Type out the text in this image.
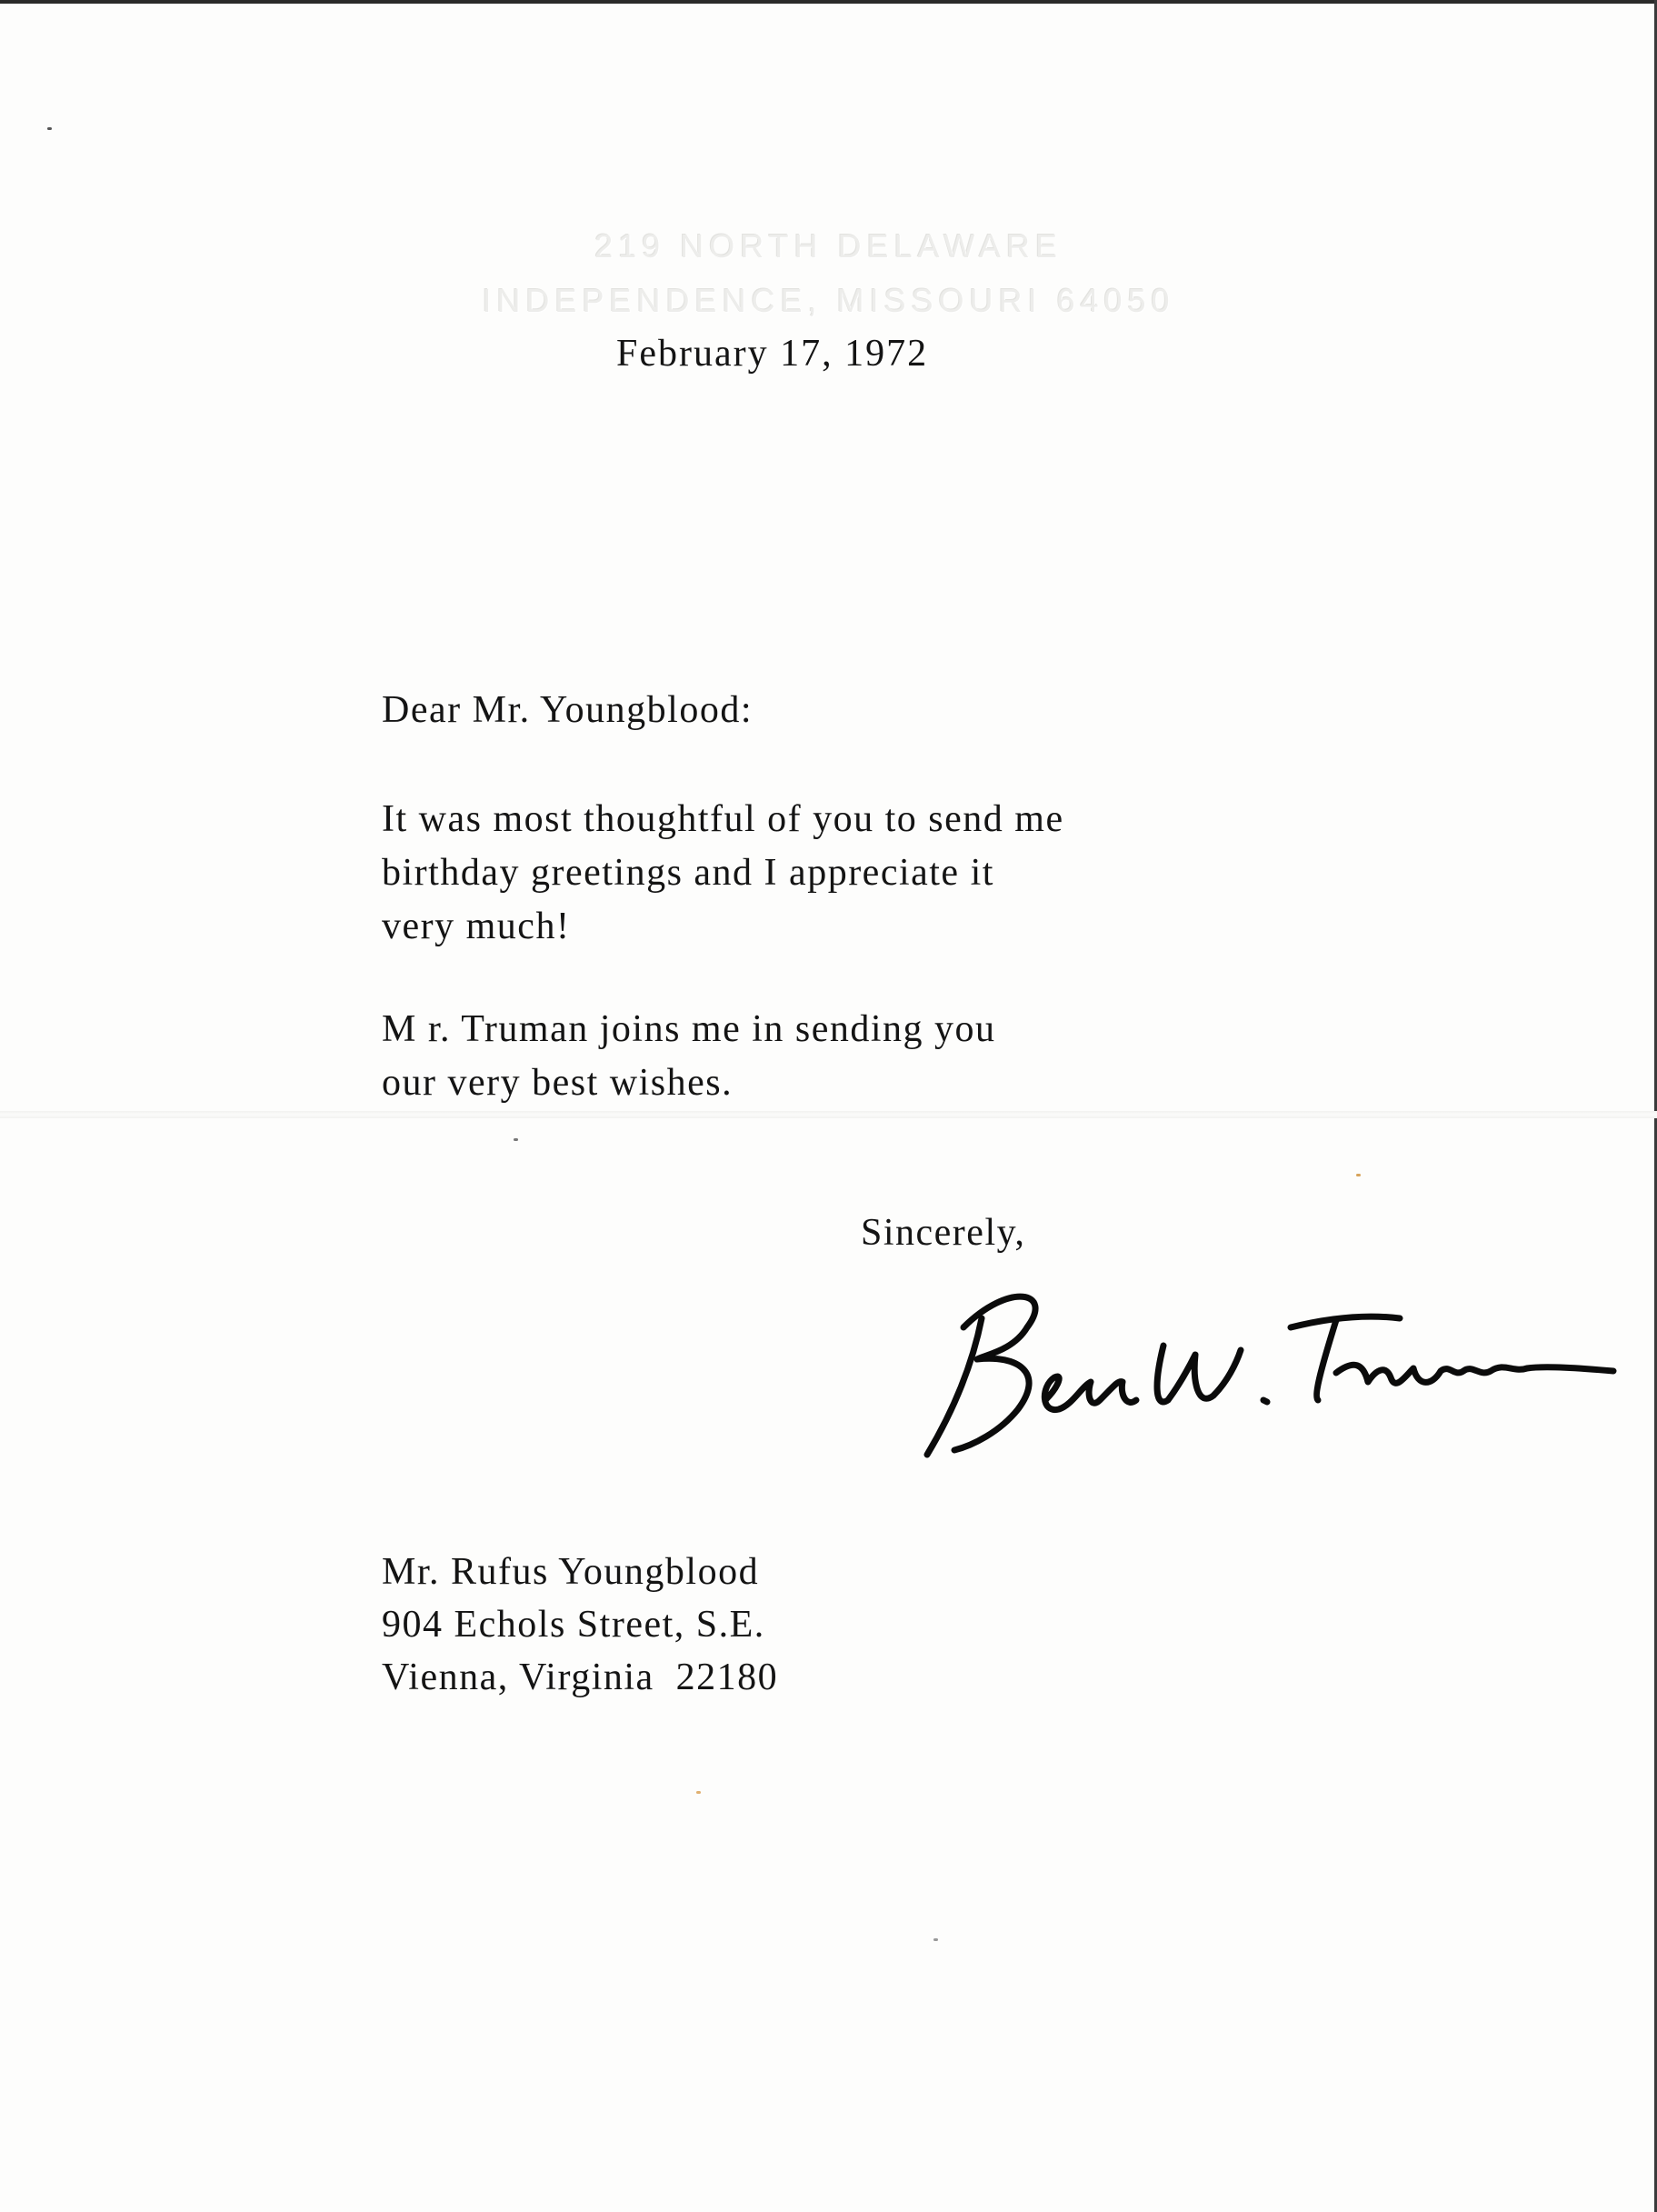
219 NORTH DELAWARE
INDEPENDENCE, MISSOURI 64050
February 17, 1972
Dear Mr. Youngblood:
It was most thoughtful of you to send me
birthday greetings and I appreciate it
very much!
M r. Truman joins me in sending you
our very best wishes.
Sincerely,
Mr. Rufus Youngblood
904 Echols Street, S.E.
Vienna, Virginia  22180
